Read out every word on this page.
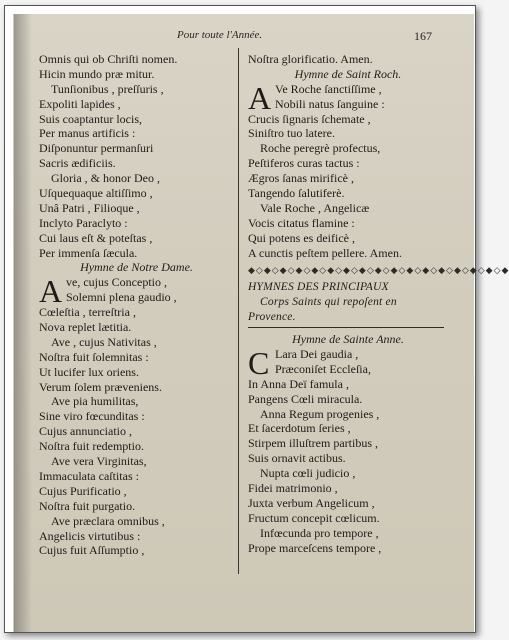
Pour toute l'Année.	167
Omnis qui ob Chriſti nomen.
Hicin mundo præ mitur.
Tunſionibus , preſſuris ,
Expoliti lapides ,
Suis coaptantur locis,
Per manus artificis :
Diſponuntur permanſuri
Sacris ædificiis.
Gloria , & honor Deo ,
Uſquequaque altiſſimo ,
Unâ Patri , Filioque ,
Inclyto Paraclyto :
Cui laus eſt & poteſtas ,
Per immenſa ſæcula.
Hymne de Notre Dame.
A ve, cujus Conceptio ,
Solemni plena gaudio ,
Cœleſtia , terreſtria ,
Nova replet lætitia.
Ave , cujus Nativitas ,
Noſtra fuit ſolemnitas :
Ut lucifer lux oriens.
Verum ſolem præveniens.
Ave pia humilitas,
Sine viro fœcunditas :
Cujus annunciatio ,
Noſtra fuit redemptio.
Ave vera Virginitas,
Immaculata caſtitas :
Cujus Purificatio ,
Noſtra fuit purgatio.
Ave præclara omnibus ,
Angelicis virtutibus :
Cujus fuit Aſſumptio ,
Noſtra glorificatio. Amen.
Hymne de Saint Roch.
A Ve Roche ſanctiſſime ,
Nobili natus ſanguine :
Crucis ſignaris ſchemate ,
Siniſtro tuo latere.
Roche peregrè profectus,
Peſtiferos curas tactus :
Ægros ſanas mirificè ,
Tangendo ſalutiferè.
Vale Roche , Angelicæ
Vocis citatus flamine :
Qui potens es deificè ,
A cunctis peſtem pellere. Amen.
◆◇◆◇◆◇◆◇◆◇◆◇◆◇◆◇◆◇◆◇◆◇◆◇◆◇◆◇◆◇◆◇◆
HYMNES DES PRINCIPAUX
Corps Saints qui repoſent en
Provence.
Hymne de Sainte Anne.
C Lara Dei gaudia ,
Præconiſet Eccleſia,
In Anna Deï famula ,
Pangens Cœli miracula.
Anna Regum progenies ,
Et ſacerdotum ſeries ,
Stirpem illuſtrem partibus ,
Suis ornavit actibus.
Nupta cœli judicio ,
Fidei matrimonio ,
Juxta verbum Angelicum ,
Fructum concepit cœlicum.
Infœcunda pro tempore ,
Prope marceſcens tempore ,
